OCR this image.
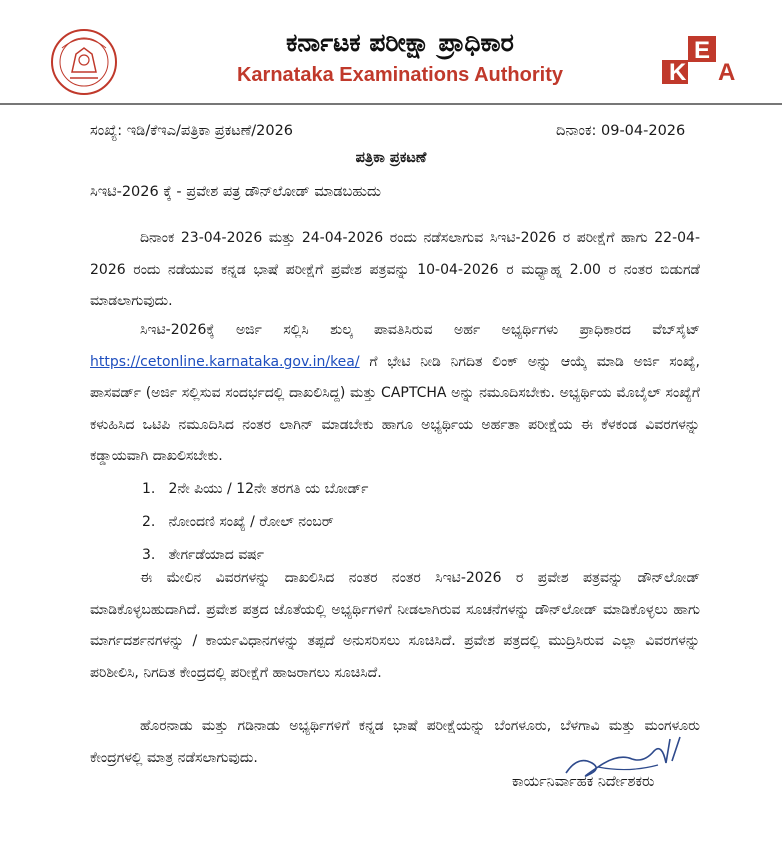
ಕರ್ನಾಟಕ ಪರೀಕ್ಷಾ ಪ್ರಾಧಿಕಾರ
Karnataka Examinations Authority	K
E
A
ಸಂಖ್ಯೆ: ಇಡಿ/ಕೆಇಎ/ಪತ್ರಿಕಾ ಪ್ರಕಟಣೆ/2026	ದಿನಾಂಕ: 09-04-2026
ಪತ್ರಿಕಾ ಪ್ರಕಟಣೆ
ಸಿಇಟಿ-2026 ಕ್ಕೆ - ಪ್ರವೇಶ ಪತ್ರ ಡೌನ್‌ಲೋಡ್ ಮಾಡಬಹುದು

ದಿನಾಂಕ 23-04-2026 ಮತ್ತು 24-04-2026 ರಂದು ನಡೆಸಲಾಗುವ ಸಿಇಟಿ-2026 ರ ಪರೀಕ್ಷೆಗೆ ಹಾಗು 22-04-2026 ರಂದು ನಡೆಯುವ ಕನ್ನಡ ಭಾಷೆ ಪರೀಕ್ಷೆಗೆ ಪ್ರವೇಶ ಪತ್ರವನ್ನು 10-04-2026 ರ ಮಧ್ಯಾಹ್ನ 2.00 ರ ನಂತರ ಬಿಡುಗಡೆ ಮಾಡಲಾಗುವುದು.

ಸಿಇಟಿ-2026ಕ್ಕೆ ಅರ್ಜಿ ಸಲ್ಲಿಸಿ ಶುಲ್ಕ ಪಾವತಿಸಿರುವ ಅರ್ಹ ಅಭ್ಯರ್ಥಿಗಳು ಪ್ರಾಧಿಕಾರದ ವೆಬ್‌ಸೈಟ್ https://cetonline.karnataka.gov.in/kea/ ಗೆ ಭೇಟಿ ನೀಡಿ ನಿಗದಿತ ಲಿಂಕ್ ಅನ್ನು ಆಯ್ಕೆ ಮಾಡಿ ಅರ್ಜಿ ಸಂಖ್ಯೆ, ಪಾಸವರ್ಡ್ (ಅರ್ಜಿ ಸಲ್ಲಿಸುವ ಸಂದರ್ಭದಲ್ಲಿ ದಾಖಲಿಸಿದ್ದ) ಮತ್ತು CAPTCHA ಅನ್ನು ನಮೂದಿಸಬೇಕು. ಅಭ್ಯರ್ಥಿಯ ಮೊಬೈಲ್ ಸಂಖ್ಯೆಗೆ ಕಳುಹಿಸಿದ ಒಟಿಪಿ ನಮೂದಿಸಿದ ನಂತರ ಲಾಗಿನ್ ಮಾಡಬೇಕು ಹಾಗೂ ಅಭ್ಯರ್ಥಿಯ ಅರ್ಹತಾ ಪರೀಕ್ಷೆಯ ಈ ಕೆಳಕಂಡ ವಿವರಗಳನ್ನು ಕಡ್ಡಾಯವಾಗಿ ದಾಖಲಿಸಬೇಕು.

1. 2ನೇ ಪಿಯು / 12ನೇ ತರಗತಿ ಯ ಬೋರ್ಡ್
2. ನೋಂದಣಿ ಸಂಖ್ಯೆ / ರೋಲ್ ನಂಬರ್
3. ತೇರ್ಗಡೆಯಾದ ವರ್ಷ

ಈ ಮೇಲಿನ ವಿವರಗಳನ್ನು ದಾಖಲಿಸಿದ ನಂತರ ನಂತರ ಸಿಇಟಿ-2026 ರ ಪ್ರವೇಶ ಪತ್ರವನ್ನು ಡೌನ್‌ಲೋಡ್ ಮಾಡಿಕೊಳ್ಳಬಹುದಾಗಿದೆ. ಪ್ರವೇಶ ಪತ್ರದ ಜೊತೆಯಲ್ಲಿ ಅಭ್ಯರ್ಥಿಗಳಿಗೆ ನೀಡಲಾಗಿರುವ ಸೂಚನೆಗಳನ್ನು ಡೌನ್‌ಲೋಡ್ ಮಾಡಿಕೊಳ್ಳಲು ಹಾಗು ಮಾರ್ಗದರ್ಶನಗಳನ್ನು / ಕಾರ್ಯವಿಧಾನಗಳನ್ನು ತಪ್ಪದೆ ಅನುಸರಿಸಲು ಸೂಚಿಸಿದೆ. ಪ್ರವೇಶ ಪತ್ರದಲ್ಲಿ ಮುದ್ರಿಸಿರುವ ಎಲ್ಲಾ ವಿವರಗಳನ್ನು ಪರಿಶೀಲಿಸಿ, ನಿಗದಿತ ಕೇಂದ್ರದಲ್ಲಿ ಪರೀಕ್ಷೆಗೆ ಹಾಜರಾಗಲು ಸೂಚಿಸಿದೆ.

ಹೊರನಾಡು ಮತ್ತು ಗಡಿನಾಡು ಅಭ್ಯರ್ಥಿಗಳಿಗೆ ಕನ್ನಡ ಭಾಷೆ ಪರೀಕ್ಷೆಯನ್ನು ಬೆಂಗಳೂರು, ಬೆಳಗಾವಿ ಮತ್ತು ಮಂಗಳೂರು ಕೇಂದ್ರಗಳಲ್ಲಿ ಮಾತ್ರ ನಡೆಸಲಾಗುವುದು.

ಕಾರ್ಯನಿರ್ವಾಹಕ ನಿರ್ದೇಶಕರು
